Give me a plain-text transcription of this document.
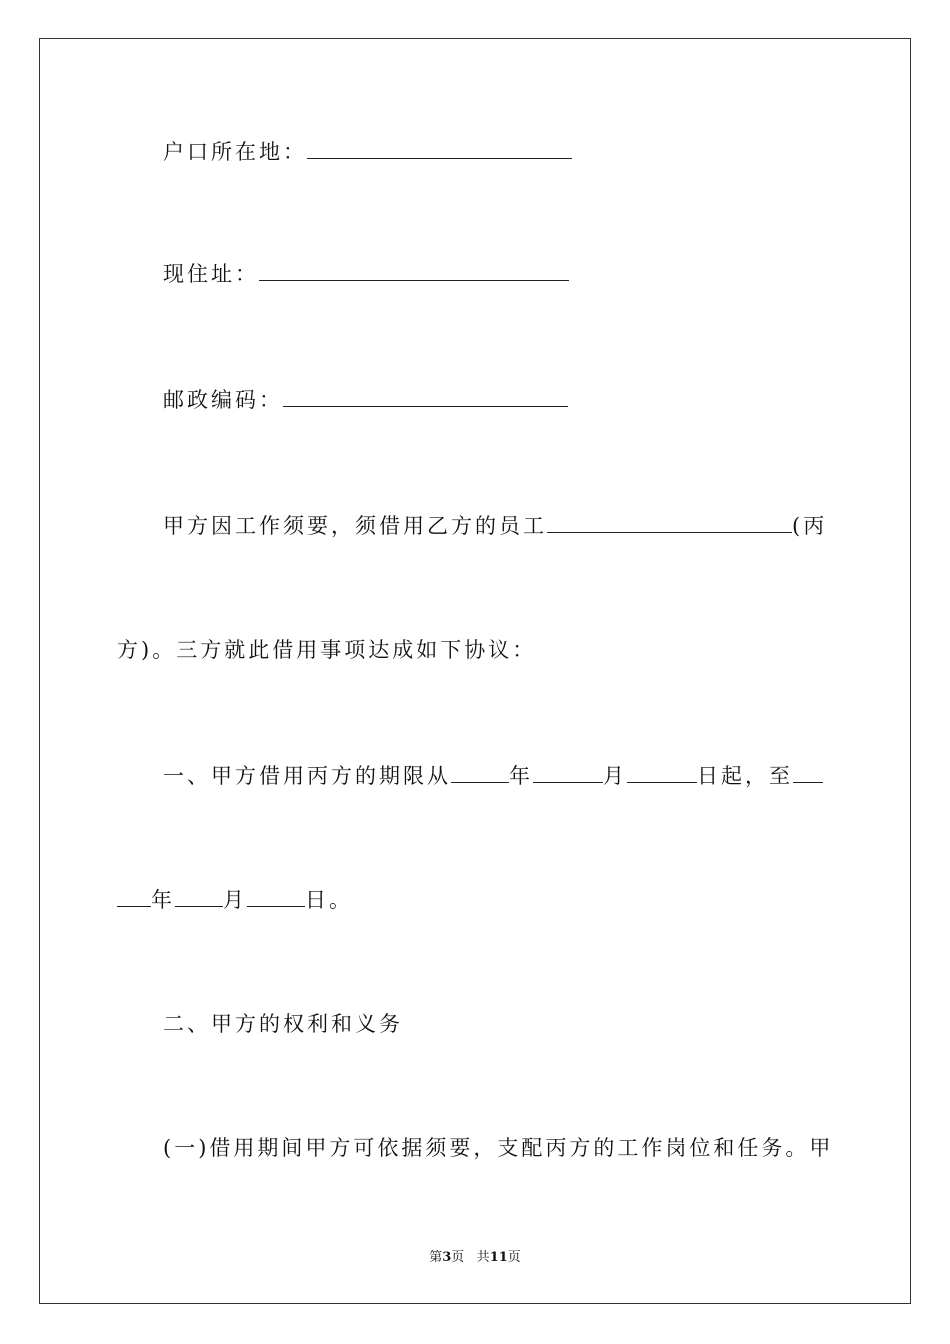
户口所在地：
现住址：
邮政编码：
甲方因工作须要，须借用乙方的员工	(丙
方)。三方就此借用事项达成如下协议：
一、甲方借用丙方的期限从	年	月	日起，至
年 月	日。
二、甲方的权利和义务
(一)借用期间甲方可依据须要，支配丙方的工作岗位和任务。甲
第3页 共11页
